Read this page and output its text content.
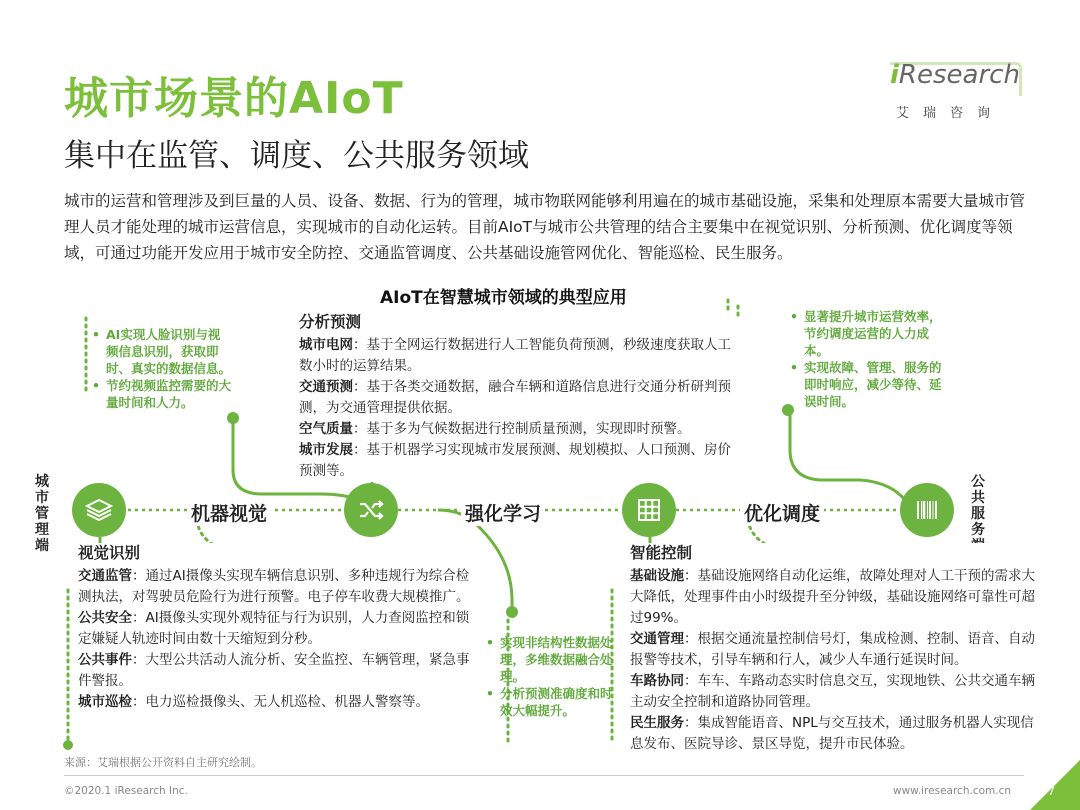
城市场景的AIoT
集中在监管、调度、公共服务领域
iResearch
艾瑞咨询
城市的运营和管理涉及到巨量的人员、设备、数据、行为的管理，城市物联网能够利用遍在的城市基础设施，采集和处理原本需要大量城市管理人员才能处理的城市运营信息，实现城市的自动化运转。目前AIoT与城市公共管理的结合主要集中在视觉识别、分析预测、优化调度等领域，可通过功能开发应用于城市安全防控、交通监管调度、公共基础设施管网优化、智能巡检、民生服务。
AIoT在智慧城市领域的典型应用
城市管理端
公共服务
机器视觉	强化学习	优化调度
• AI实现人脸识别与视频信息识别，获取即时、真实的数据信息。
• 节约视频监控需要的大量时间和人力。
• 实现非结构性数据处理，多维数据融合处理。
• 分析预测准确度和时效大幅提升。
• 显著提升城市运营效率，节约调度运营的人力成本。
• 实现故障、管理、服务的即时响应，减少等待、延误时间。
分析预测
城市电网：基于全网运行数据进行人工智能负荷预测，秒级速度获取人工数小时的运算结果。
交通预测：基于各类交通数据，融合车辆和道路信息进行交通分析研判预测，为交通管理提供依据。
空气质量：基于多为气候数据进行控制质量预测，实现即时预警。
城市发展：基于机器学习实现城市发展预测、规划模拟、人口预测、房价预测等。
视觉识别
交通监管：通过AI摄像头实现车辆信息识别、多种违规行为综合检测执法，对驾驶员危险行为进行预警。电子停车收费大规模推广。
公共安全：AI摄像头实现外观特征与行为识别，人力查阅监控和锁定嫌疑人轨迹时间由数十天缩短到分秒。
公共事件：大型公共活动人流分析、安全监控、车辆管理，紧急事件警报。
城市巡检：电力巡检摄像头、无人机巡检、机器人警察等。
智能控制
基础设施：基础设施网络自动化运维，故障处理对人工干预的需求大大降低，处理事件由小时级提升至分钟级，基础设施网络可靠性可超过99%。
交通管理：根据交通流量控制信号灯，集成检测、控制、语音、自动报警等技术，引导车辆和行人，减少人车通行延误时间。
车路协同：车车、车路动态实时信息交互，实现地铁、公共交通车辆主动安全控制和道路协同管理。
民生服务：集成智能语音、NPL与交互技术，通过服务机器人实现信息发布、医院导诊、景区导览，提升市民体验。
来源：艾瑞根据公开资料自主研究绘制。
©2020.1 iResearch Inc.	www.iresearch.com.cn 37
